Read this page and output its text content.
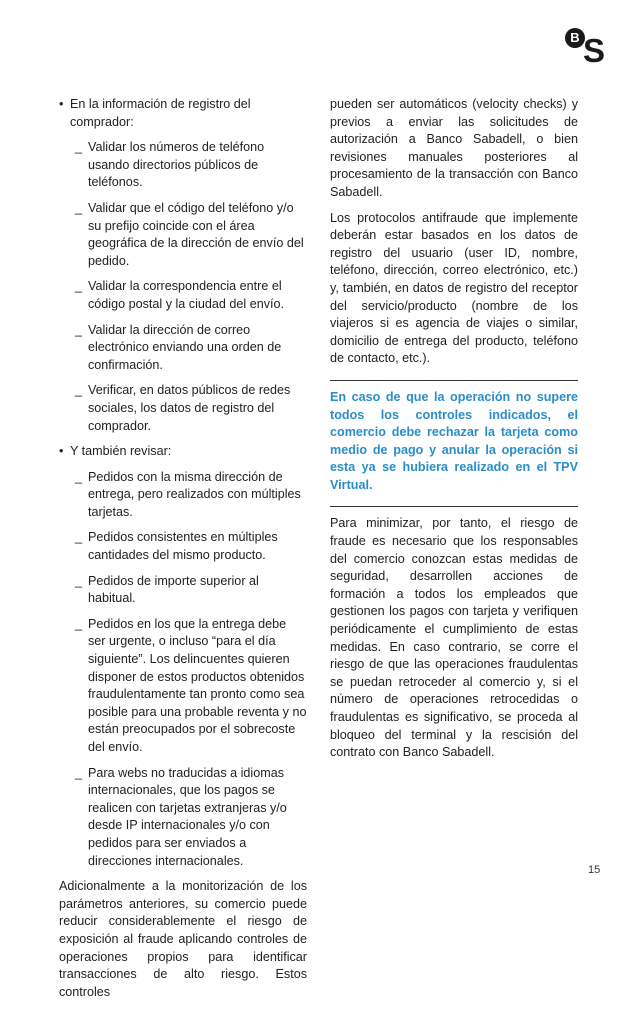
B S
• En la información de registro del comprador:
_ Validar los números de teléfono usando directorios públicos de teléfonos.
_ Validar que el código del teléfono y/o su prefijo coincide con el área geográfica de la dirección de envío del pedido.
_ Validar la correspondencia entre el código postal y la ciudad del envío.
_ Validar la dirección de correo electrónico enviando una orden de confirmación.
_ Verificar, en datos públicos de redes sociales, los datos de registro del comprador.
• Y también revisar:
_ Pedidos con la misma dirección de entrega, pero realizados con múltiples tarjetas.
_ Pedidos consistentes en múltiples cantidades del mismo producto.
_ Pedidos de importe superior al habitual.
_ Pedidos en los que la entrega debe ser urgente, o incluso “para el día siguiente”. Los delincuentes quieren disponer de estos productos obtenidos fraudulentamente tan pronto como sea posible para una probable reventa y no están preocupados por el sobrecoste del envío.
_ Para webs no traducidas a idiomas internacionales, que los pagos se realicen con tarjetas extranjeras y/o desde IP internacionales y/o con pedidos para ser enviados a direcciones internacionales.

Adicionalmente a la monitorización de los parámetros anteriores, su comercio puede reducir considerablemente el riesgo de exposición al fraude aplicando controles de operaciones propios para identificar transacciones de alto riesgo. Estos controles

pueden ser automáticos (velocity checks) y previos a enviar las solicitudes de autorización a Banco Sabadell, o bien revisiones manuales posteriores al procesamiento de la transacción con Banco Sabadell.

Los protocolos antifraude que implemente deberán estar basados en los datos de registro del usuario (user ID, nombre, teléfono, dirección, correo electrónico, etc.) y, también, en datos de registro del receptor del servicio/producto (nombre de los viajeros si es agencia de viajes o similar, domicilio de entrega del producto, teléfono de contacto, etc.).

En caso de que la operación no supere todos los controles indicados, el comercio debe rechazar la tarjeta como medio de pago y anular la operación si esta ya se hubiera realizado en el TPV Virtual.

Para minimizar, por tanto, el riesgo de fraude es necesario que los responsables del comercio conozcan estas medidas de seguridad, desarrollen acciones de formación a todos los empleados que gestionen los pagos con tarjeta y verifiquen periódicamente el cumplimiento de estas medidas. En caso contrario, se corre el riesgo de que las operaciones fraudulentas se puedan retroceder al comercio y, si el número de operaciones retrocedidas o fraudulentas es significativo, se proceda al bloqueo del terminal y la rescisión del contrato con Banco Sabadell.

15
